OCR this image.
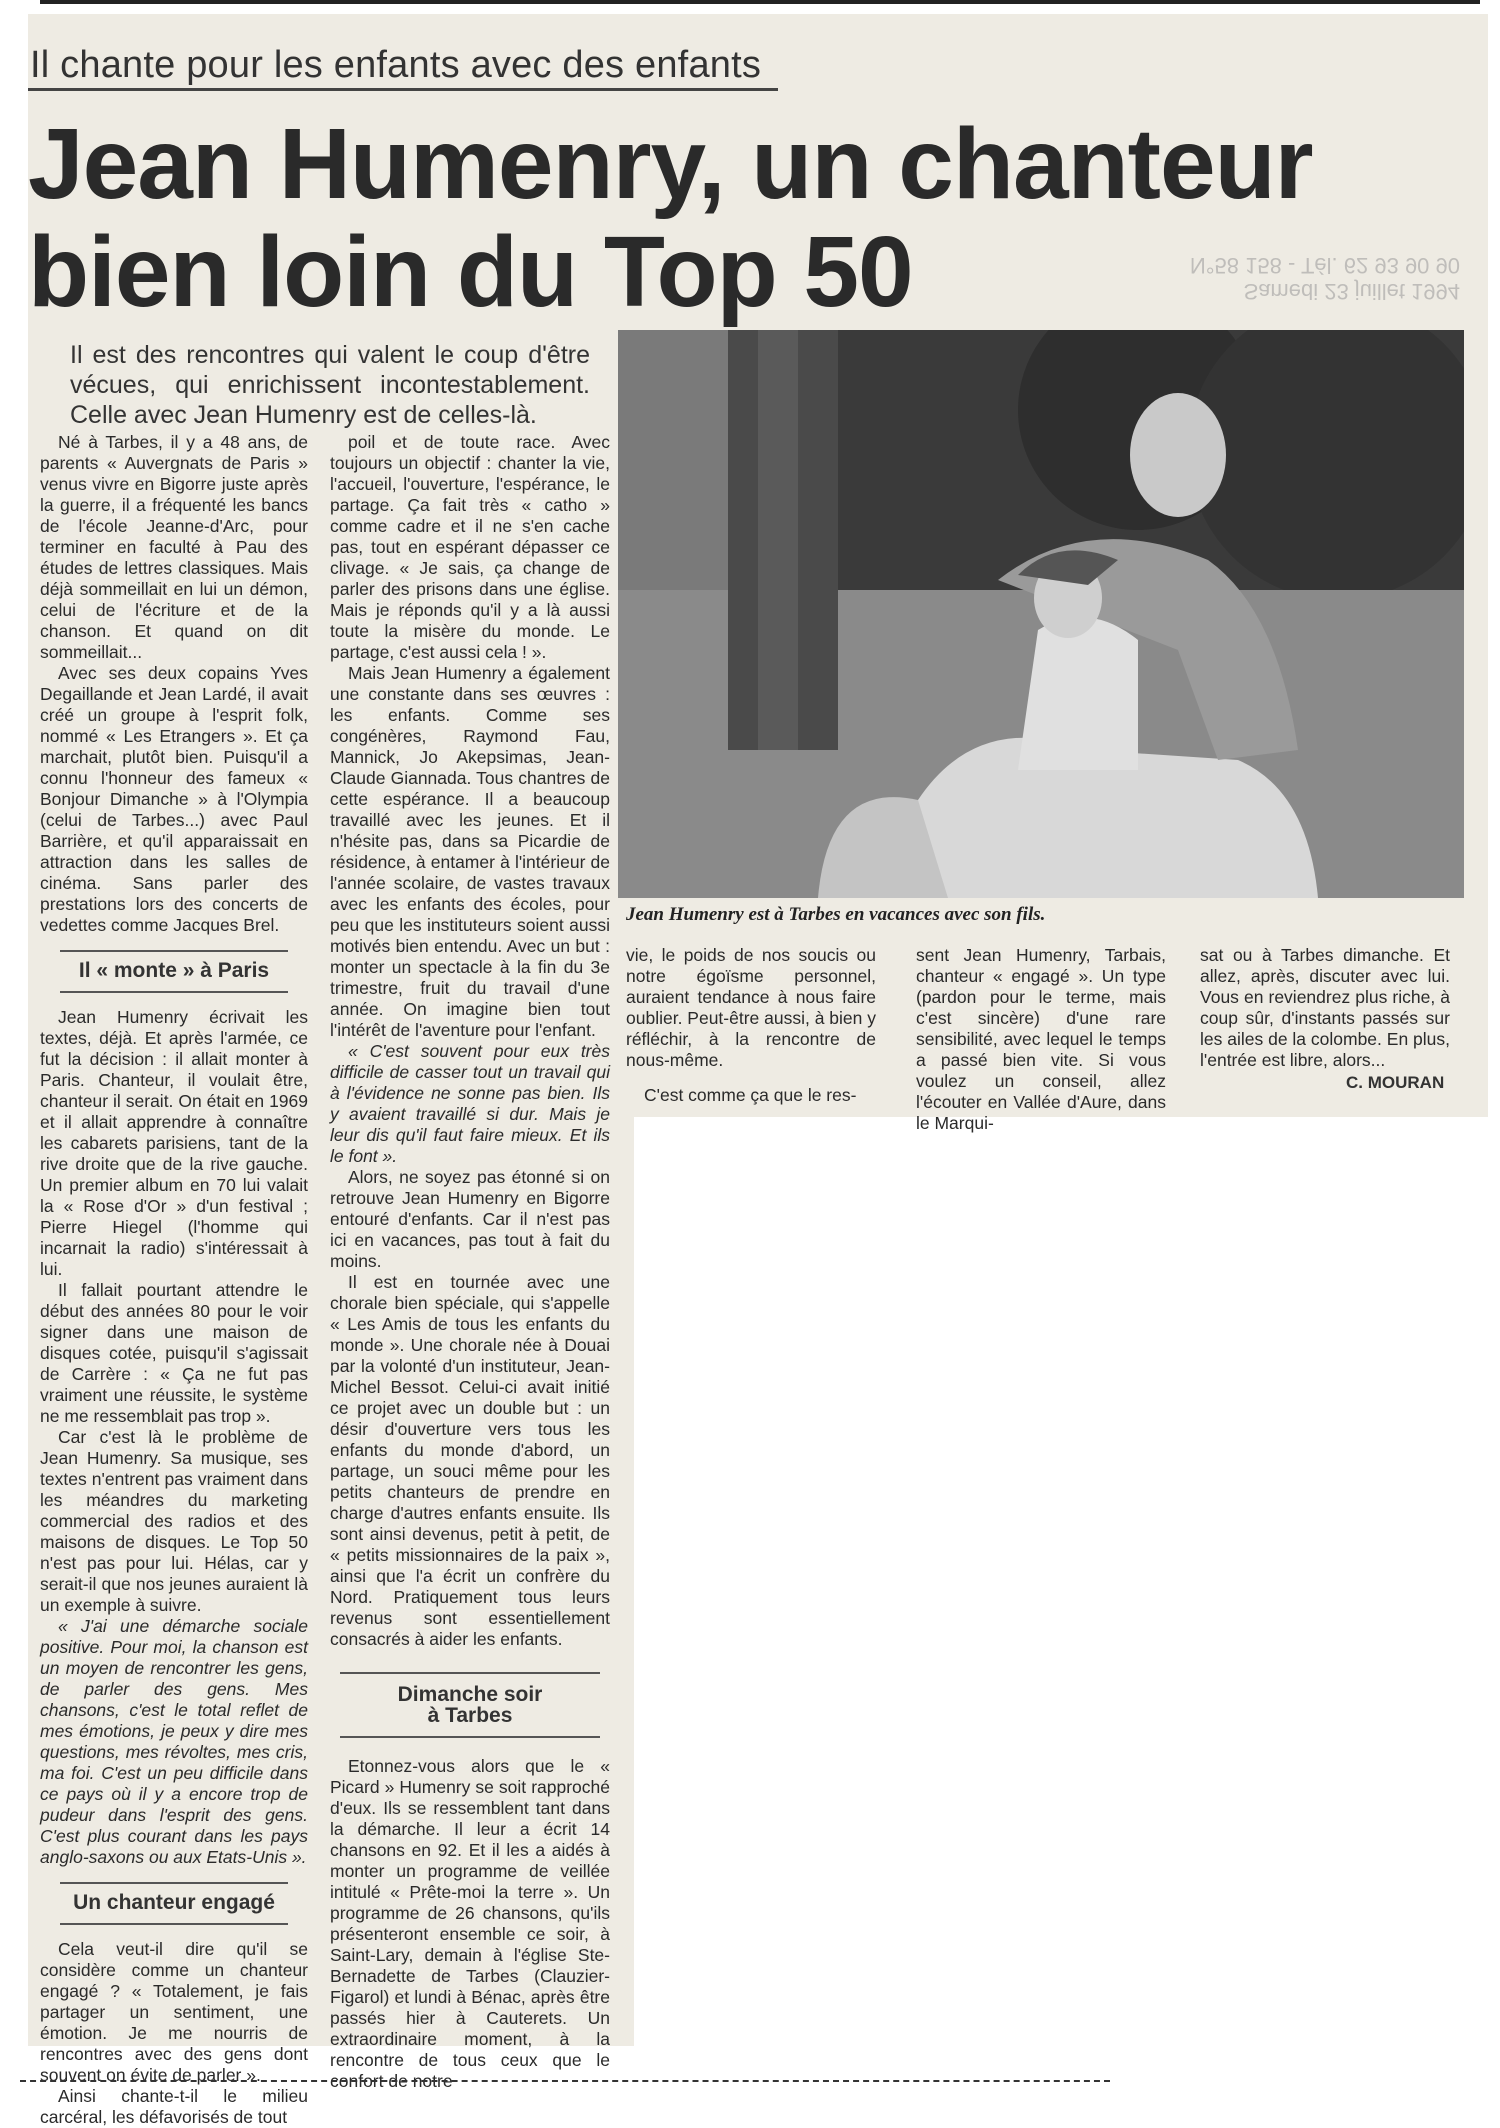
Il chante pour les enfants avec des enfants
Jean Humenry, un chanteur
bien loin du Top 50	Samedi 23 juillet 1994
N°58 158 - Tél. 62 93 90 90
Il est des rencontres qui valent le coup d'être vécues, qui enrichissent incontestablement. Celle avec Jean Humenry est de celles-là.

Né à Tarbes, il y a 48 ans, de parents « Auvergnats de Paris » venus vivre en Bigorre juste après la guerre, il a fréquenté les bancs de l'école Jeanne-d'Arc, pour terminer en faculté à Pau des études de lettres classiques. Mais déjà sommeillait en lui un démon, celui de l'écriture et de la chanson. Et quand on dit sommeillait...

Avec ses deux copains Yves Degaillande et Jean Lardé, il avait créé un groupe à l'esprit folk, nommé « Les Etrangers ». Et ça marchait, plutôt bien. Puisqu'il a connu l'honneur des fameux « Bonjour Dimanche » à l'Olympia (celui de Tarbes...) avec Paul Barrière, et qu'il apparaissait en attraction dans les salles de cinéma. Sans parler des prestations lors des concerts de vedettes comme Jacques Brel.

Il « monte » à Paris

Jean Humenry écrivait les textes, déjà. Et après l'armée, ce fut la décision : il allait monter à Paris. Chanteur, il voulait être, chanteur il serait. On était en 1969 et il allait apprendre à connaître les cabarets parisiens, tant de la rive droite que de la rive gauche. Un premier album en 70 lui valait la « Rose d'Or » d'un festival ; Pierre Hiegel (l'homme qui incarnait la radio) s'intéressait à lui.

Il fallait pourtant attendre le début des années 80 pour le voir signer dans une maison de disques cotée, puisqu'il s'agissait de Carrère : « Ça ne fut pas vraiment une réussite, le système ne me ressemblait pas trop ».

Car c'est là le problème de Jean Humenry. Sa musique, ses textes n'entrent pas vraiment dans les méandres du marketing commercial des radios et des maisons de disques. Le Top 50 n'est pas pour lui. Hélas, car y serait-il que nos jeunes auraient là un exemple à suivre.

« J'ai une démarche sociale positive. Pour moi, la chanson est un moyen de rencontrer les gens, de parler des gens. Mes chansons, c'est le total reflet de mes émotions, je peux y dire mes questions, mes révoltes, mes cris, ma foi. C'est un peu difficile dans ce pays où il y a encore trop de pudeur dans l'esprit des gens. C'est plus courant dans les pays anglo-saxons ou aux Etats-Unis ».

Un chanteur engagé

Cela veut-il dire qu'il se considère comme un chanteur engagé ? « Totalement, je fais partager un sentiment, une émotion. Je me nourris de rencontres avec des gens dont souvent on évite de parler ».

Ainsi chante-t-il le milieu carcéral, les défavorisés de tout

poil et de toute race. Avec toujours un objectif : chanter la vie, l'accueil, l'ouverture, l'espérance, le partage. Ça fait très « catho » comme cadre et il ne s'en cache pas, tout en espérant dépasser ce clivage. « Je sais, ça change de parler des prisons dans une église. Mais je réponds qu'il y a là aussi toute la misère du monde. Le partage, c'est aussi cela ! ».

Mais Jean Humenry a également une constante dans ses œuvres : les enfants. Comme ses congénères, Raymond Fau, Mannick, Jo Akepsimas, Jean-Claude Giannada. Tous chantres de cette espérance. Il a beaucoup travaillé avec les jeunes. Et il n'hésite pas, dans sa Picardie de résidence, à entamer à l'intérieur de l'année scolaire, de vastes travaux avec les enfants des écoles, pour peu que les instituteurs soient aussi motivés bien entendu. Avec un but : monter un spectacle à la fin du 3e trimestre, fruit du travail d'une année. On imagine bien tout l'intérêt de l'aventure pour l'enfant.

« C'est souvent pour eux très difficile de casser tout un travail qui à l'évidence ne sonne pas bien. Ils y avaient travaillé si dur. Mais je leur dis qu'il faut faire mieux. Et ils le font ».

Alors, ne soyez pas étonné si on retrouve Jean Humenry en Bigorre entouré d'enfants. Car il n'est pas ici en vacances, pas tout à fait du moins.

Il est en tournée avec une chorale bien spéciale, qui s'appelle « Les Amis de tous les enfants du monde ». Une chorale née à Douai par la volonté d'un instituteur, Jean-Michel Bessot. Celui-ci avait initié ce projet avec un double but : un désir d'ouverture vers tous les enfants du monde d'abord, un partage, un souci même pour les petits chanteurs de prendre en charge d'autres enfants ensuite. Ils sont ainsi devenus, petit à petit, de « petits missionnaires de la paix », ainsi que l'a écrit un confrère du Nord. Pratiquement tous leurs revenus sont essentiellement consacrés à aider les enfants.

Dimanche soir
à Tarbes

Etonnez-vous alors que le « Picard » Humenry se soit rapproché d'eux. Ils se ressemblent tant dans la démarche. Il leur a écrit 14 chansons en 92. Et il les a aidés à monter un programme de veillée intitulé « Prête-moi la terre ». Un programme de 26 chansons, qu'ils présenteront ensemble ce soir, à Saint-Lary, demain à l'église Ste-Bernadette de Tarbes (Clauzier-Figarol) et lundi à Bénac, après être passés hier à Cauterets. Un extraordinaire moment, à la rencontre de tous ceux que le confort de notre

Jean Humenry est à Tarbes en vacances avec son fils.
vie, le poids de nos soucis ou notre égoïsme personnel, auraient tendance à nous faire oublier. Peut-être aussi, à bien y réfléchir, à la rencontre de nous-même.
C'est comme ça que le res-
sent Jean Humenry, Tarbais, chanteur « engagé ». Un type (pardon pour le terme, mais c'est sincère) d'une rare sensibilité, avec lequel le temps a passé bien vite. Si vous voulez un conseil, allez l'écouter en Vallée d'Aure, dans le Marqui-
sat ou à Tarbes dimanche. Et allez, après, discuter avec lui. Vous en reviendrez plus riche, à coup sûr, d'instants passés sur les ailes de la colombe. En plus, l'entrée est libre, alors...
C. MOURAN
